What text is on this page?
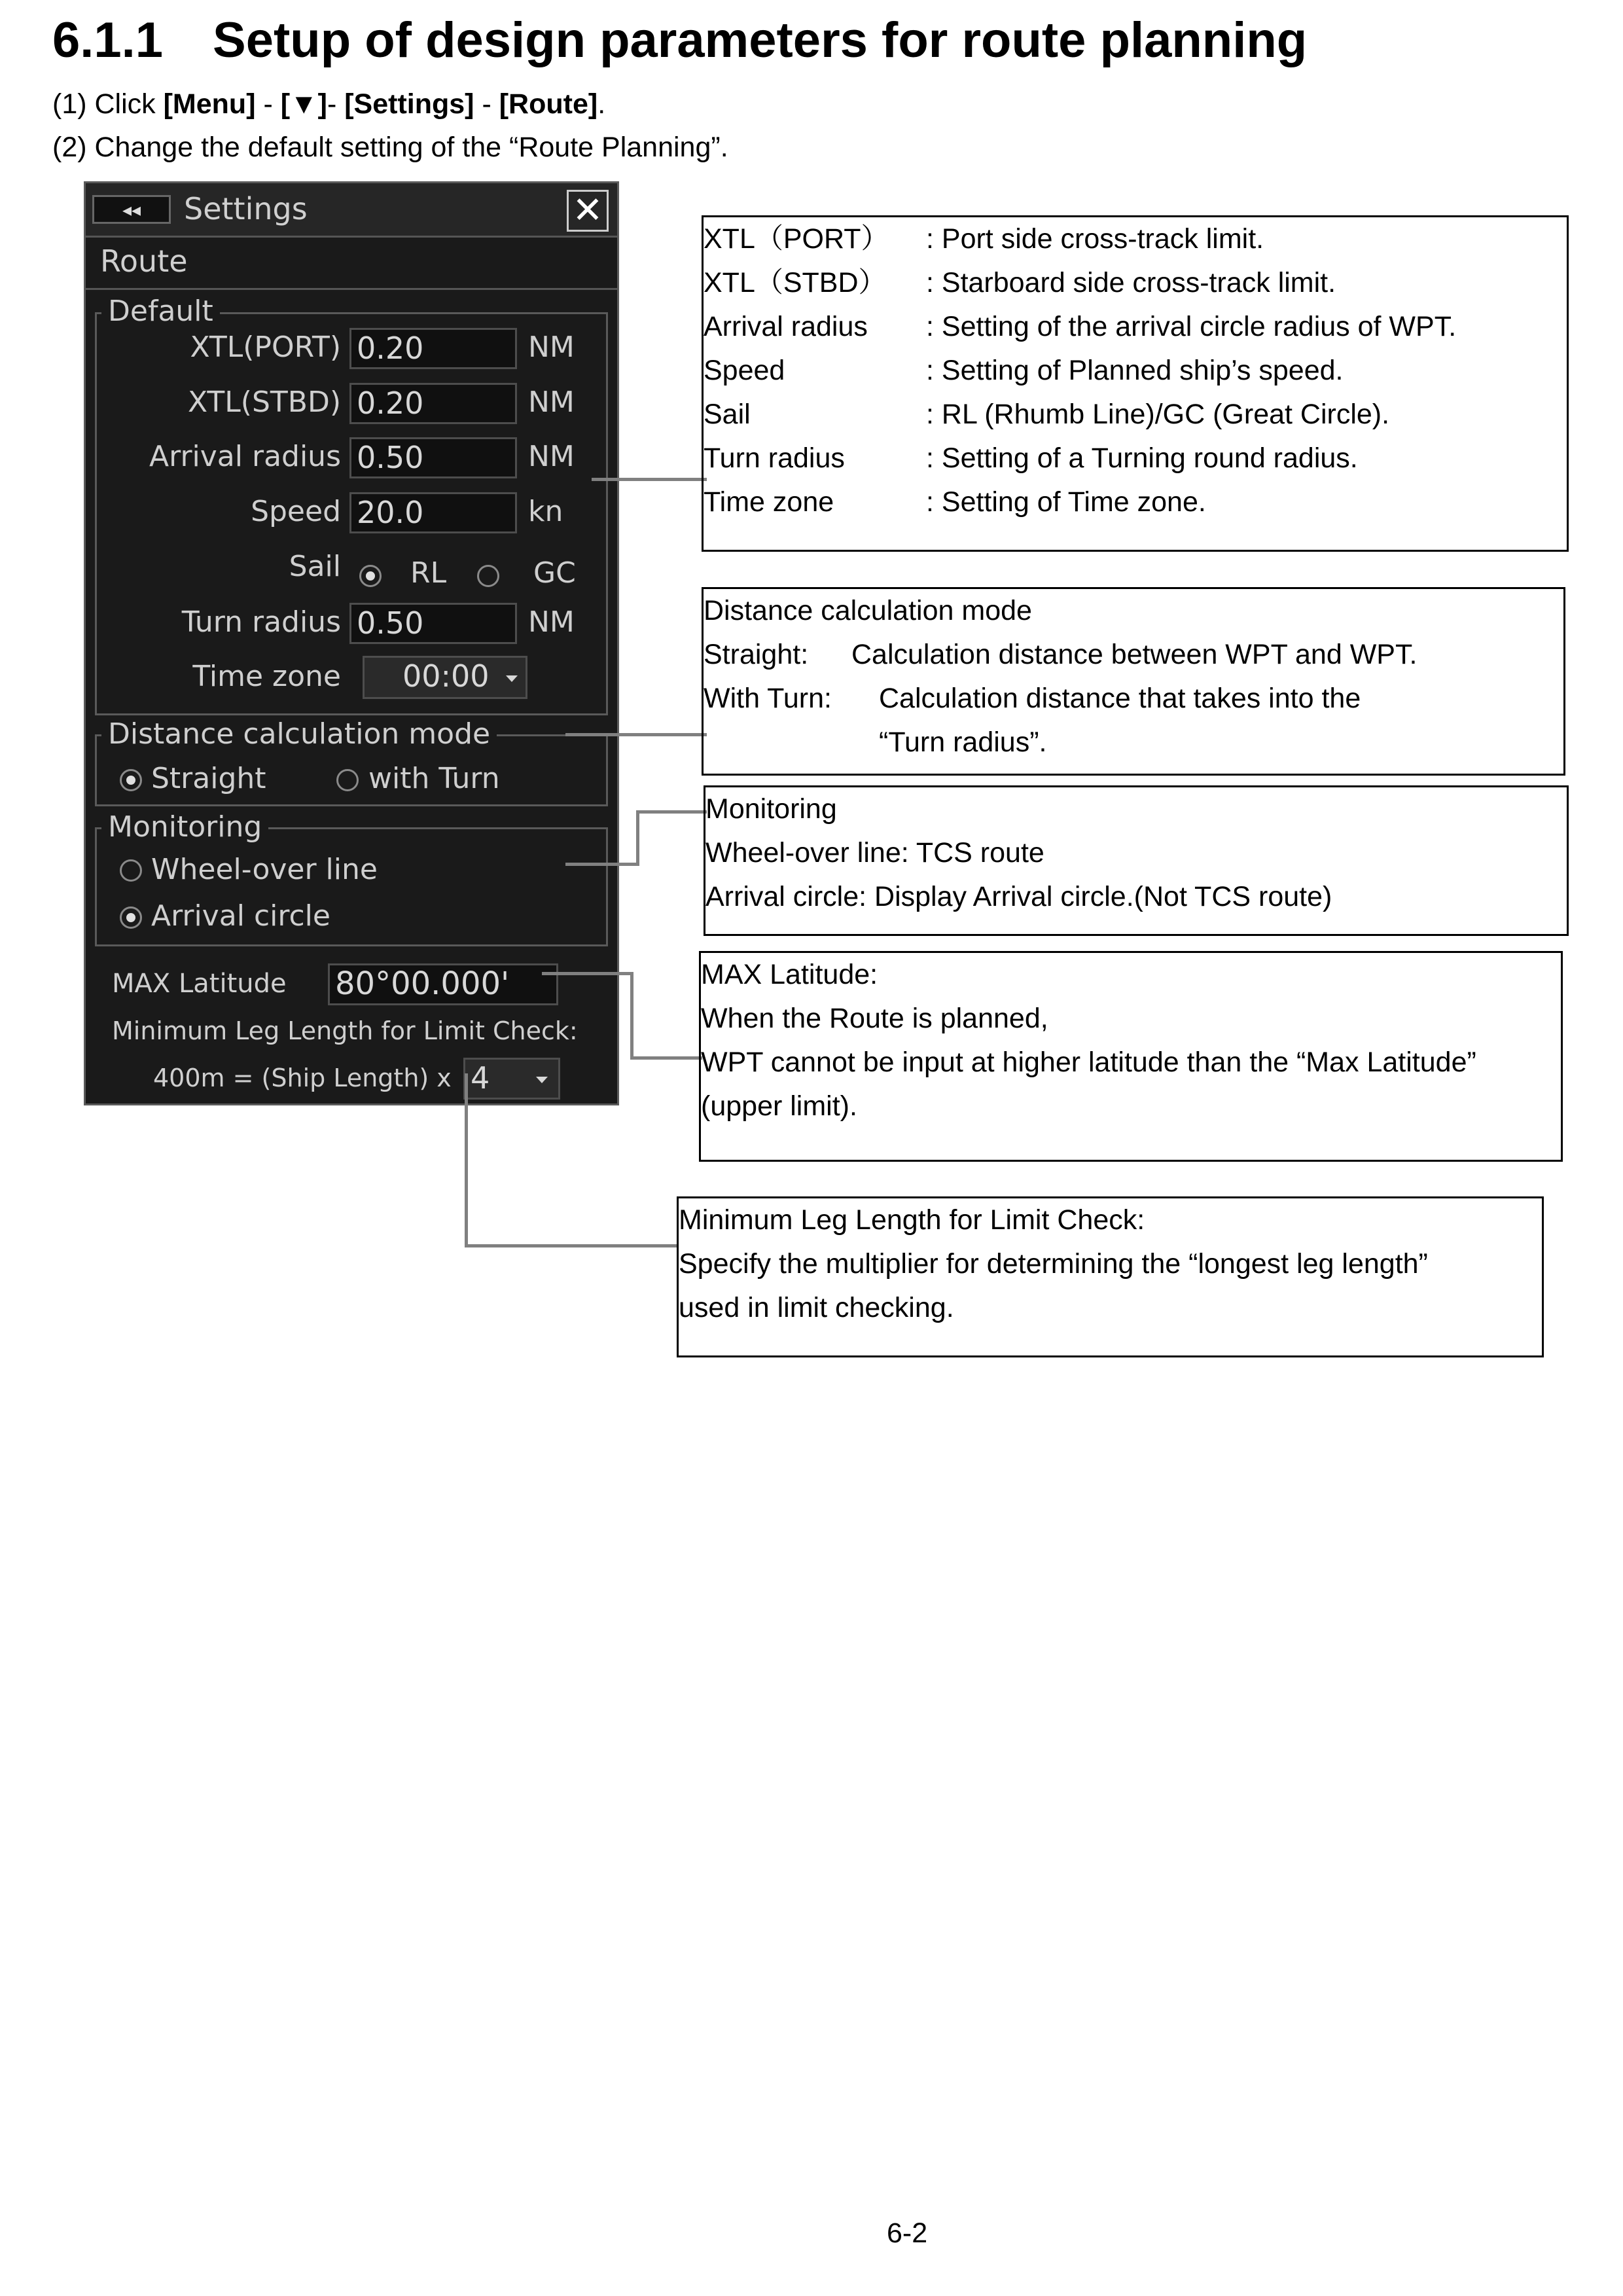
6.1.1 Setup of design parameters for route planning
(1) Click [Menu] - [▼]- [Settings] - [Route].
(2) Change the default setting of the “Route Planning”.
◂◂	Settings	✕
Route
Default
XTL(PORT) 0.20	NM
XTL(STBD) 0.20	NM
Arrival radius 0.50	NM
Speed 20.0	kn
Sail RL	GC
Turn radius 0.50	NM
Time zone	00:00
Distance calculation mode
Straight	with Turn
Monitoring
Wheel-over line
Arrival circle
MAX Latitude 80°00.000'
Minimum Leg Length for Limit Check:
400m = (Ship Length) x 4
XTL（PORT） : Port side cross-track limit.
XTL（STBD） : Starboard side cross-track limit.
Arrival radius : Setting of the arrival circle radius of WPT.
Speed	: Setting of Planned ship’s speed.
Sail	: RL (Rhumb Line)/GC (Great Circle).
Turn radius	: Setting of a Turning round radius.
Time zone	: Setting of Time zone.
Distance calculation mode
Straight: Calculation distance between WPT and WPT.
With Turn: Calculation distance that takes into the
“Turn radius”.
Monitoring
Wheel-over line: TCS route
Arrival circle: Display Arrival circle.(Not TCS route)
MAX Latitude:
When the Route is planned,
WPT cannot be input at higher latitude than the “Max Latitude”
(upper limit).
Minimum Leg Length for Limit Check:
Specify the multiplier for determining the “longest leg length”
used in limit checking.
6-2
